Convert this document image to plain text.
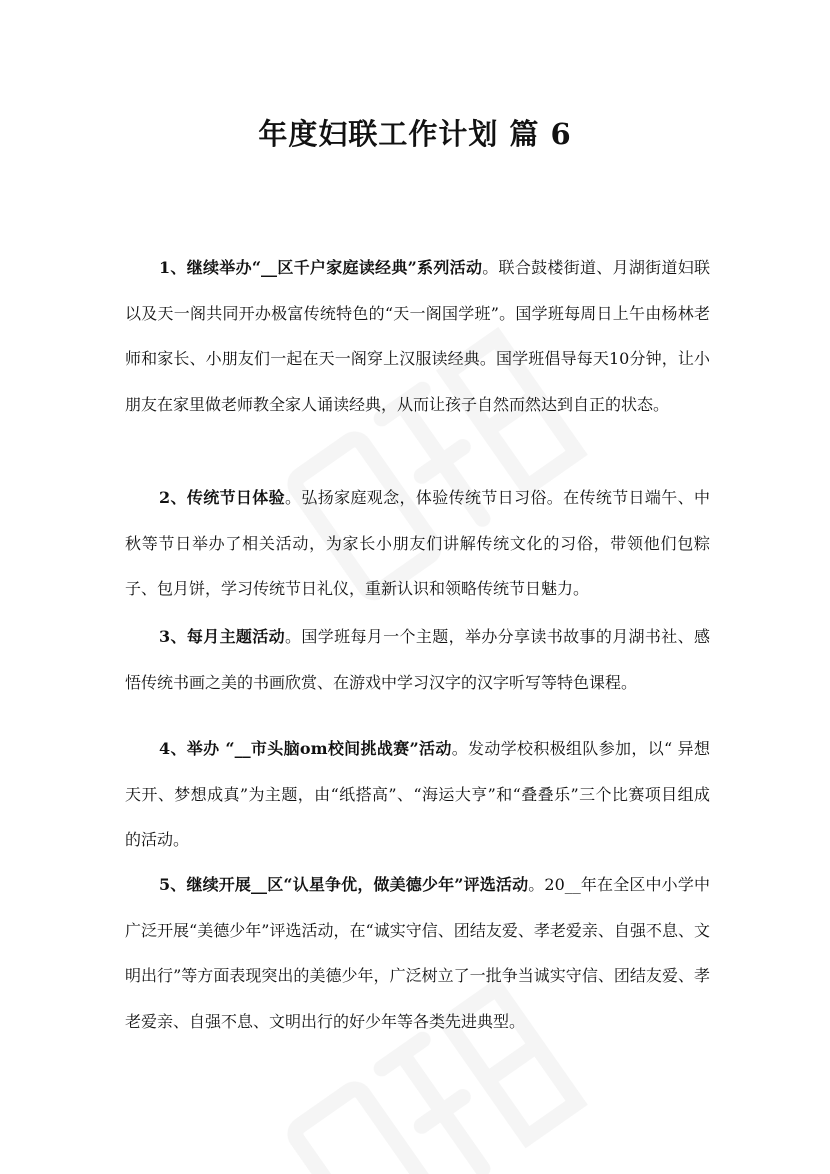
年度妇联工作计划 篇 6

1、继续举办“__区千户家庭读经典”系列活动。联合鼓楼街道、月湖街道妇联以及天一阁共同开办极富传统特色的“天一阁国学班”。国学班每周日上午由杨林老师和家长、小朋友们一起在天一阁穿上汉服读经典。国学班倡导每天10分钟，让小朋友在家里做老师教全家人诵读经典，从而让孩子自然而然达到自正的状态。

2、传统节日体验。弘扬家庭观念，体验传统节日习俗。在传统节日端午、中秋等节日举办了相关活动，为家长小朋友们讲解传统文化的习俗，带领他们包粽子、包月饼，学习传统节日礼仪，重新认识和领略传统节日魅力。

3、每月主题活动。国学班每月一个主题，举办分享读书故事的月湖书社、感悟传统书画之美的书画欣赏、在游戏中学习汉字的汉字听写等特色课程。

4、举办 “__市头脑om校间挑战赛”活动。发动学校积极组队参加，以“ 异想天开、梦想成真”为主题，由“纸搭高”、“海运大亨”和“叠叠乐”三个比赛项目组成的活动。

5、继续开展__区“认星争优，做美德少年”评选活动。20__年在全区中小学中广泛开展“美德少年”评选活动，在“诚实守信、团结友爱、孝老爱亲、自强不息、文明出行”等方面表现突出的美德少年，广泛树立了一批争当诚实守信、团结友爱、孝老爱亲、自强不息、文明出行的好少年等各类先进典型。
